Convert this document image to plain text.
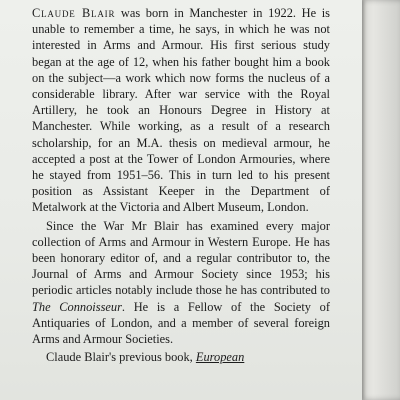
Claude Blair was born in Manchester in 1922. He is unable to remember a time, he says, in which he was not interested in Arms and Armour. His first serious study began at the age of 12, when his father bought him a book on the subject—a work which now forms the nucleus of a considerable library. After war service with the Royal Artillery, he took an Honours Degree in History at Manchester. While working, as a result of a research scholarship, for an M.A. thesis on medieval armour, he accepted a post at the Tower of London Armouries, where he stayed from 1951–56. This in turn led to his present position as Assistant Keeper in the Department of Metalwork at the Victoria and Albert Museum, London.

Since the War Mr Blair has examined every major collection of Arms and Armour in Western Europe. He has been honorary editor of, and a regular contributor to, the Journal of Arms and Armour Society since 1953; his periodic articles notably include those he has contributed to The Connoisseur. He is a Fellow of the Society of Antiquaries of London, and a member of several foreign Arms and Armour Societies.

Claude Blair's previous book, European
